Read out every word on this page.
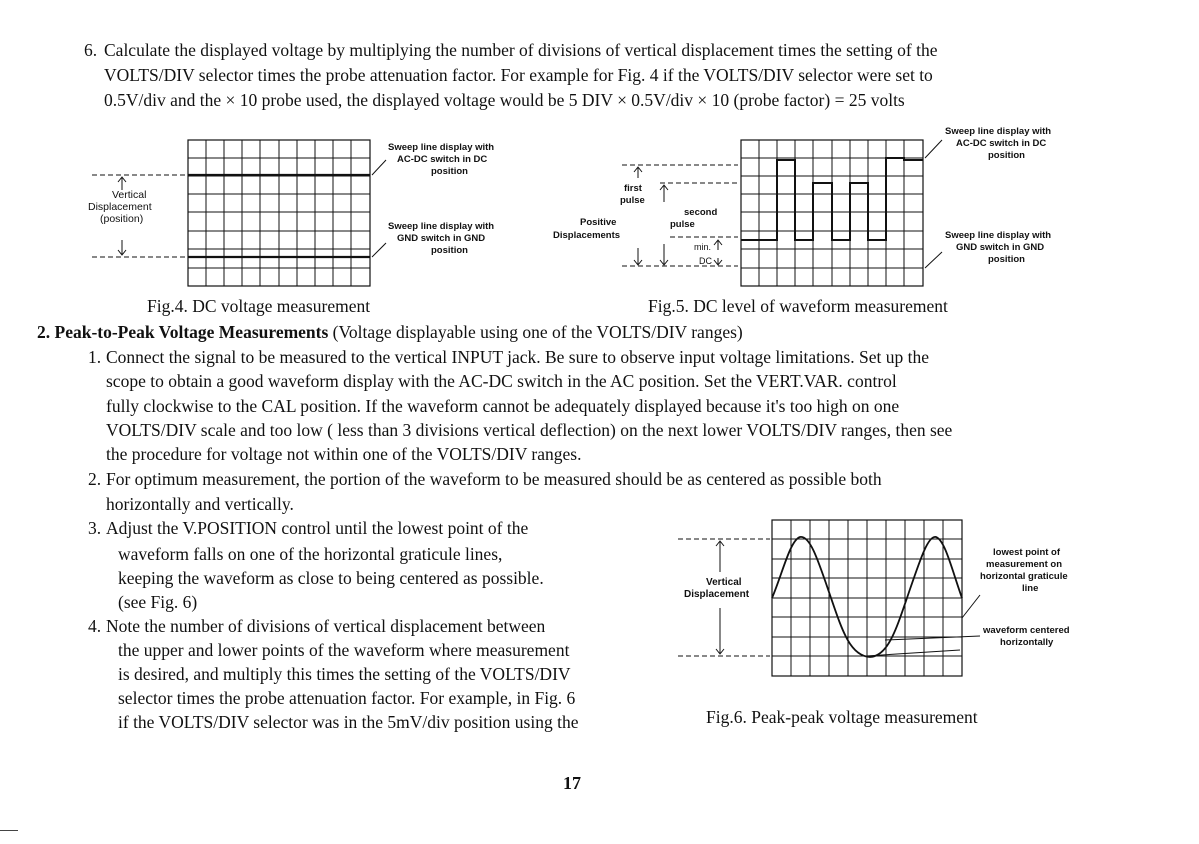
6. Calculate the displayed voltage by multiplying the number of divisions of vertical displacement times the setting of the
VOLTS/DIV selector times the probe attenuation factor. For example for Fig. 4 if the VOLTS/DIV selector were set to
0.5V/div and the × 10 probe used, the displayed voltage would be 5 DIV × 0.5V/div × 10 (probe factor) = 25 volts
Vertical
Displacement
(position)
Sweep line display with
AC-DC switch in DC
position
Sweep line display with
GND switch in GND
position
Fig.4. DC voltage measurement
first
pulse
second
pulse
Positive
Displacements
min.
DC
Sweep line display with
AC-DC switch in DC
position
Sweep line display with
GND switch in GND
position
Fig.5. DC level of waveform measurement
2. Peak-to-Peak Voltage Measurements (Voltage displayable using one of the VOLTS/DIV ranges)
1. Connect the signal to be measured to the vertical INPUT jack. Be sure to observe input voltage limitations. Set up the
scope to obtain a good waveform display with the AC-DC switch in the AC position. Set the VERT.VAR. control
fully clockwise to the CAL position. If the waveform cannot be adequately displayed because it's too high on one
VOLTS/DIV scale and too low ( less than 3 divisions vertical deflection) on the next lower VOLTS/DIV ranges, then see
the procedure for voltage not within one of the VOLTS/DIV ranges.
2. For optimum measurement, the portion of the waveform to be measured should be as centered as possible both
horizontally and vertically.
3. Adjust the V.POSITION control until the lowest point of the
waveform falls on one of the horizontal graticule lines,
keeping the waveform as close to being centered as possible.
(see Fig. 6)
4. Note the number of divisions of vertical displacement between
the upper and lower points of the waveform where measurement
is desired, and multiply this times the setting of the VOLTS/DIV
selector times the probe attenuation factor. For example, in Fig. 6
if the VOLTS/DIV selector was in the 5mV/div position using the
Vertical
Displacement
lowest point of
measurement on
horizontal graticule
line
waveform centered
horizontally
Fig.6. Peak-peak voltage measurement
17
